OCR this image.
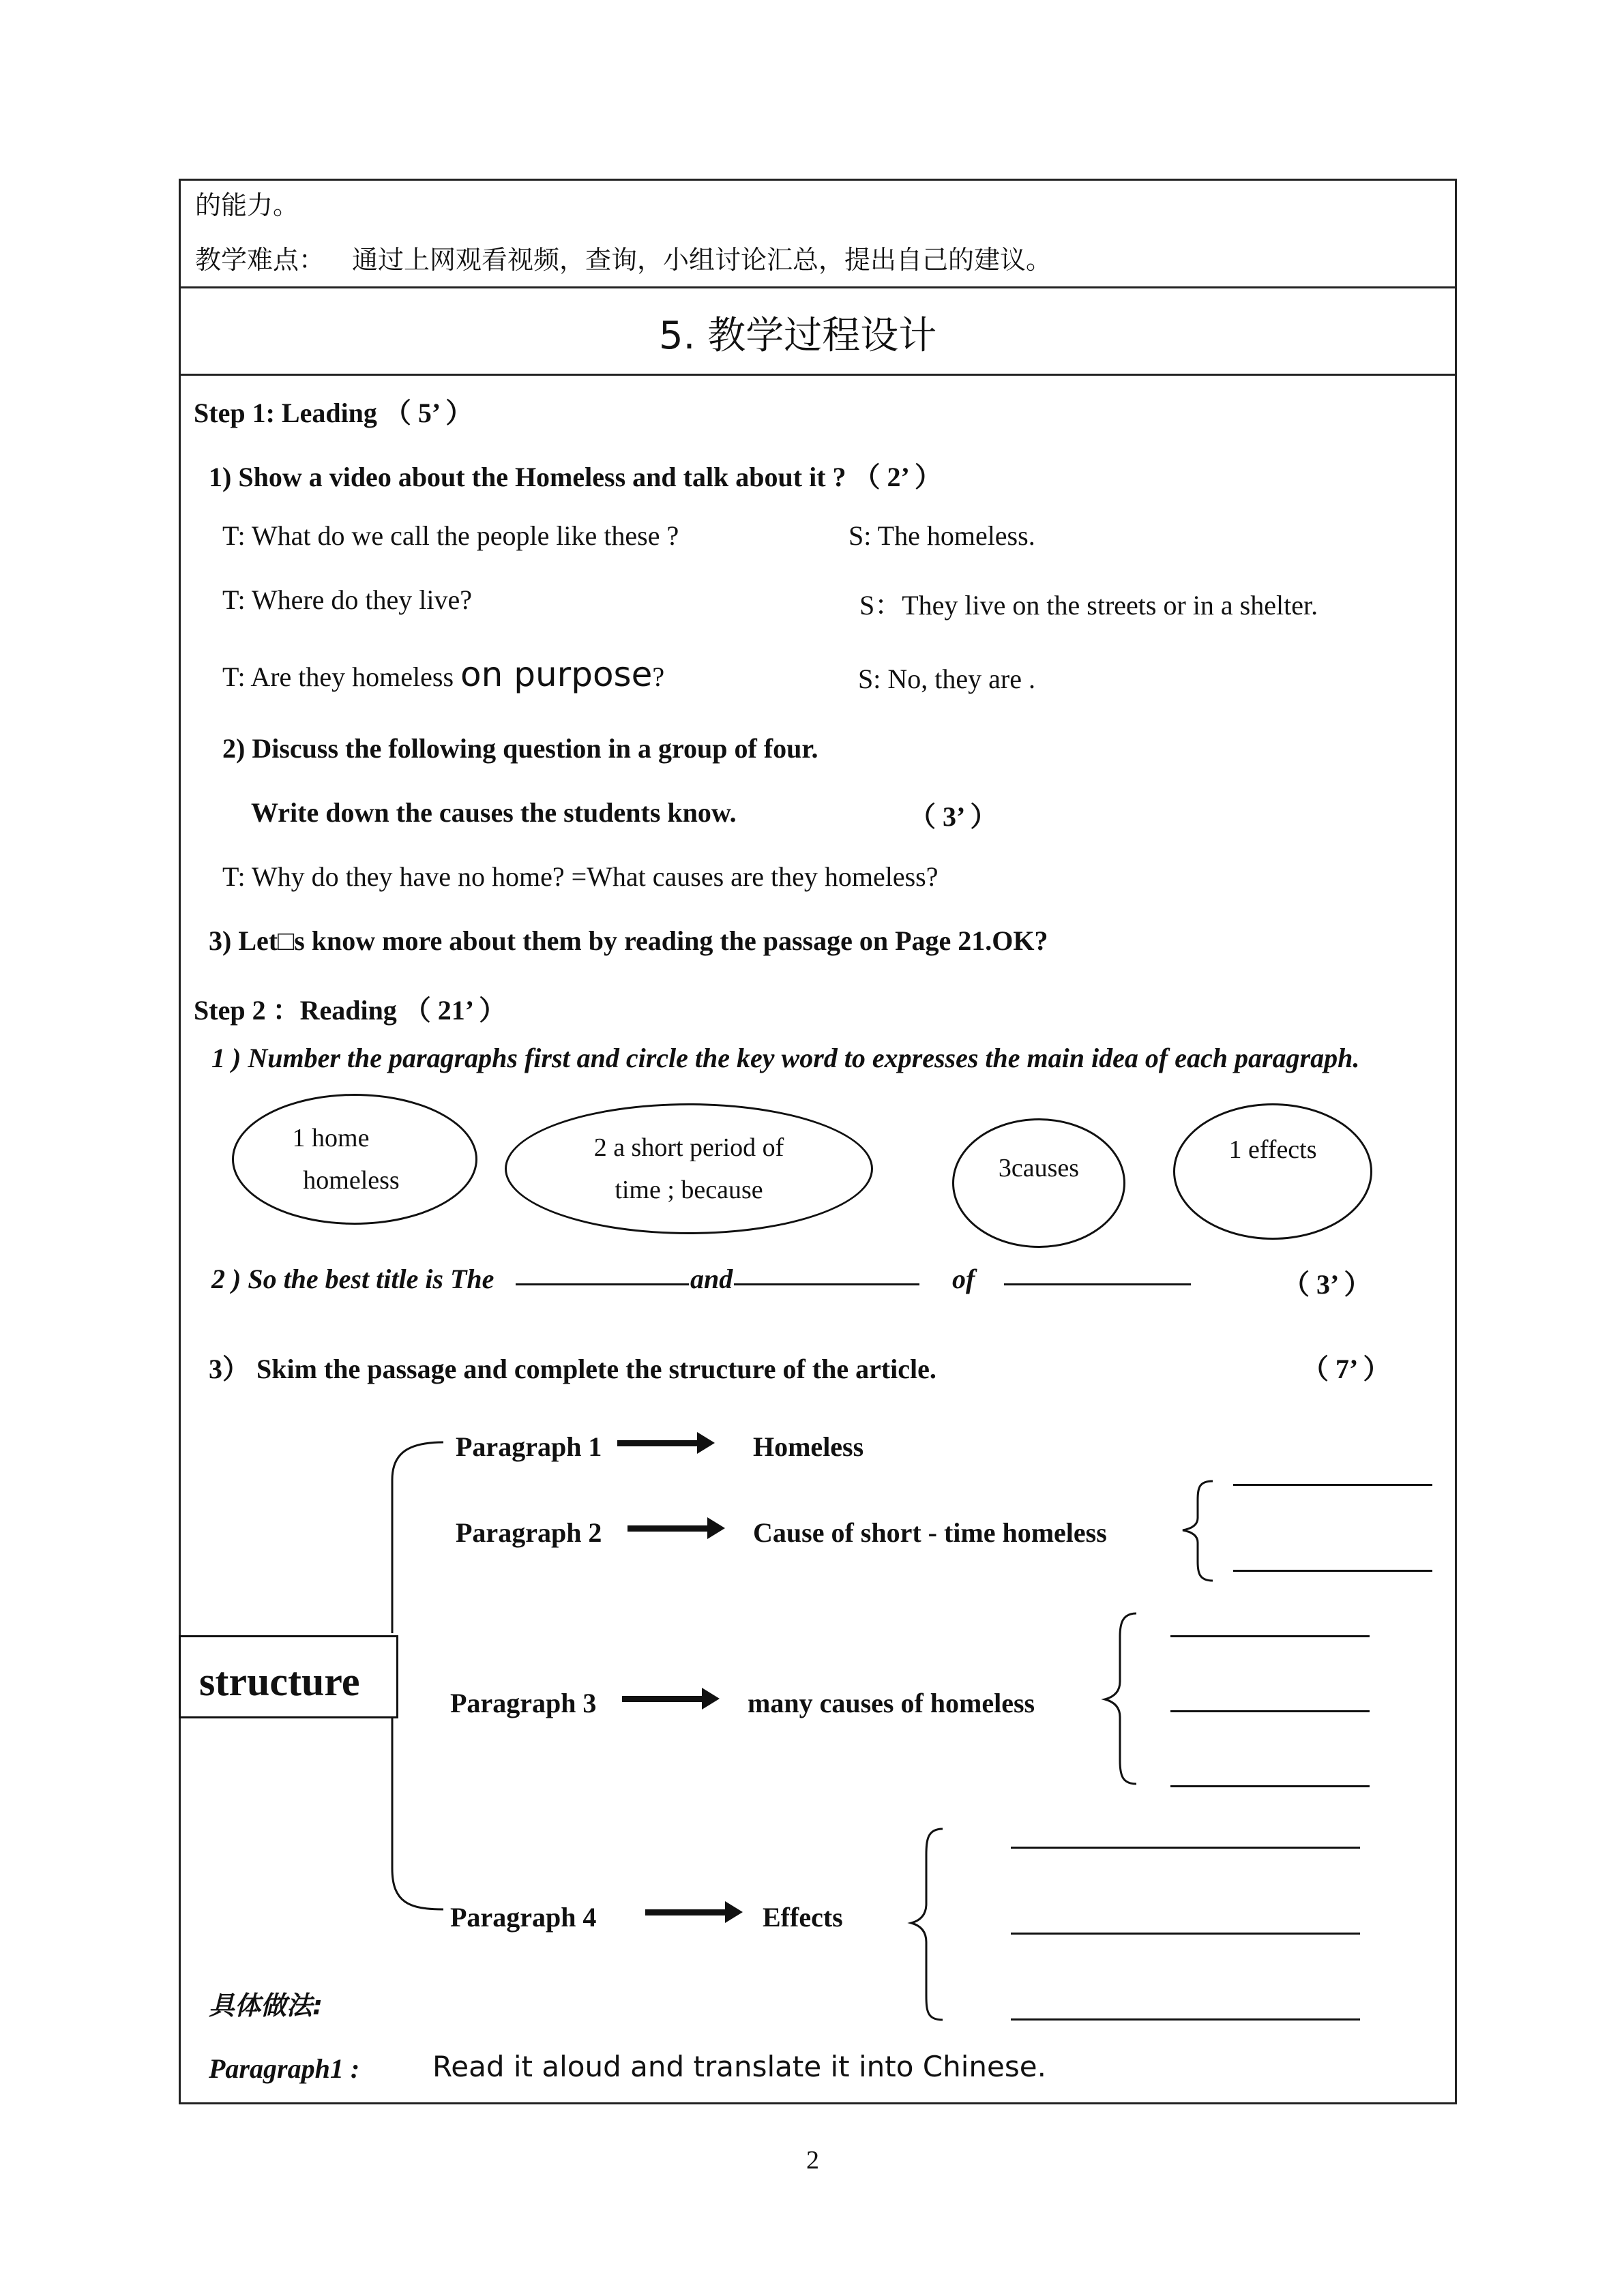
的能力。
教学难点： 通过上网观看视频，查询，小组讨论汇总，提出自己的建议。
5. 教学过程设计
Step 1: Leading （ 5’ ）
1) Show a video about the Homeless and talk about it ? （ 2’ ）
T: What do we call the people like these ?	S: The homeless.
T: Where do they live?	S：They live on the streets or in a shelter.
T: Are they homeless on purpose?	S: No, they are .
2) Discuss the following question in a group of four.
Write down the causes the students know.	（ 3’ ）
T: Why do they have no home? =What causes are they homeless?
3) Let□s know more about them by reading the passage on Page 21.OK?
Step 2 ：Reading （ 21’ ）
1 ) Number the paragraphs first and circle the key word to expresses the main idea of each paragraph.
1 home
homeless
2 a short period of
time ; because
3causes
1 effects
2 ) So the best title is The	and	of	（ 3’ ）
3） Skim the passage and complete the structure of the article.	（ 7’ ）
structure
Paragraph 1	Homeless
Paragraph 2	Cause of short - time homeless
Paragraph 3	many causes of homeless
Paragraph 4	Effects
具体做法:
Paragraph1 :	Read it aloud and translate it into Chinese.
2
